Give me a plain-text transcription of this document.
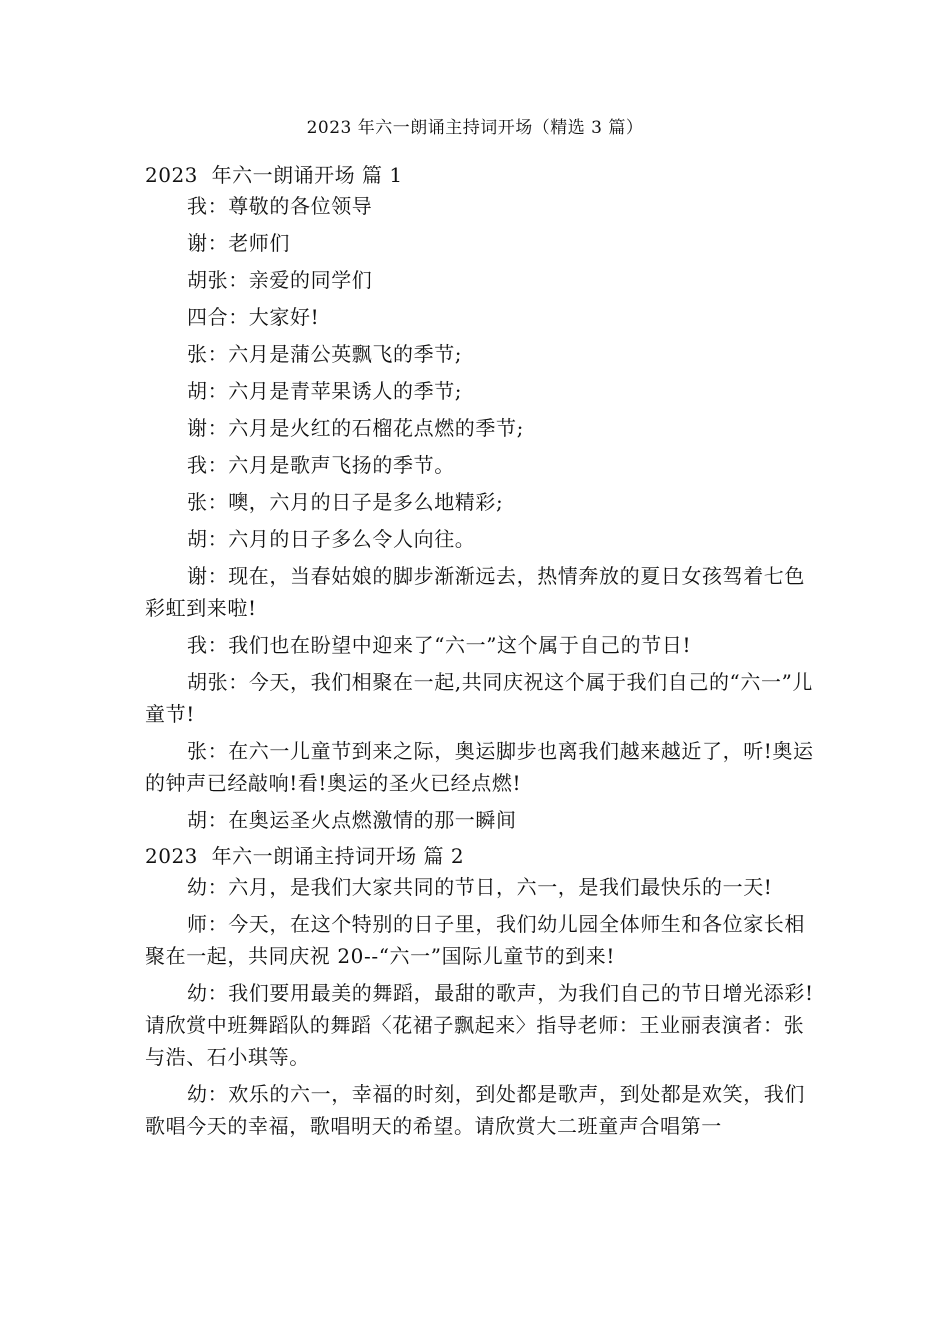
2023 年六一朗诵主持词开场（精选 3 篇）
2023  年六一朗诵开场 篇 1

我：尊敬的各位领导

谢：老师们

胡张：亲爱的同学们

四合：大家好!

张：六月是蒲公英飘飞的季节;

胡：六月是青苹果诱人的季节;

谢：六月是火红的石榴花点燃的季节;

我：六月是歌声飞扬的季节。

张：噢，六月的日子是多么地精彩;

胡：六月的日子多么令人向往。

谢：现在，当春姑娘的脚步渐渐远去，热情奔放的夏日女孩驾着七色彩虹到来啦!

我：我们也在盼望中迎来了“六一”这个属于自己的节日!

胡张：今天，我们相聚在一起,共同庆祝这个属于我们自己的“六一”儿童节!

张：在六一儿童节到来之际，奥运脚步也离我们越来越近了，听!奥运的钟声已经敲响!看!奥运的圣火已经点燃!

胡：在奥运圣火点燃激情的那一瞬间

2023  年六一朗诵主持词开场 篇 2

幼：六月，是我们大家共同的节日，六一，是我们最快乐的一天!

师：今天，在这个特别的日子里，我们幼儿园全体师生和各位家长相聚在一起，共同庆祝 20--“六一”国际儿童节的到来!

幼：我们要用最美的舞蹈，最甜的歌声，为我们自己的节日增光添彩!请欣赏中班舞蹈队的舞蹈〈花裙子飘起来〉指导老师：王业丽表演者：张与浩、石小琪等。

幼：欢乐的六一，幸福的时刻，到处都是歌声，到处都是欢笑，我们歌唱今天的幸福，歌唱明天的希望。请欣赏大二班童声合唱第一
